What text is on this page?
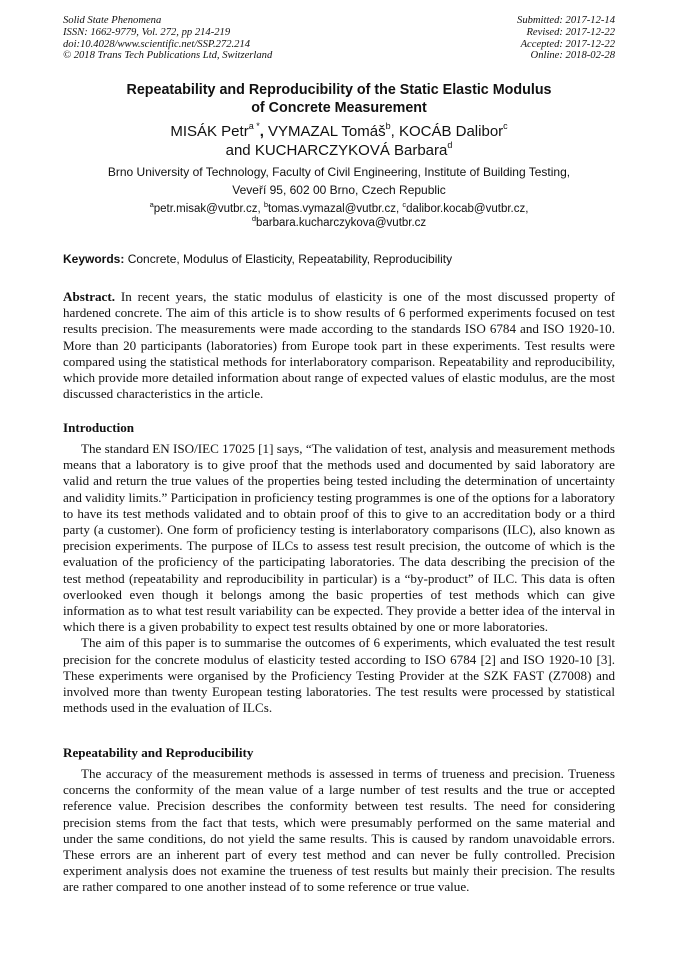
Solid State Phenomena
ISSN: 1662-9779, Vol. 272, pp 214-219
doi:10.4028/www.scientific.net/SSP.272.214
© 2018 Trans Tech Publications Ltd, Switzerland
Submitted: 2017-12-14
Revised: 2017-12-22
Accepted: 2017-12-22
Online: 2018-02-28
Repeatability and Reproducibility of the Static Elastic Modulus
of Concrete Measurement
MISÁK Petr$^{a *}$, VYMAZAL Tomáš$^b$, KOCÁB Dalibor$^c$
and KUCHARCZYKOVÁ Barbara$^d$
Brno University of Technology, Faculty of Civil Engineering, Institute of Building Testing,
Veveří 95, 602 00 Brno, Czech Republic
$^a$petr.misak@vutbr.cz, $^b$tomas.vymazal@vutbr.cz, $^c$dalibor.kocab@vutbr.cz,
$^d$barbara.kucharczykova@vutbr.cz
Keywords: Concrete, Modulus of Elasticity, Repeatability, Reproducibility

Abstract. In recent years, the static modulus of elasticity is one of the most discussed property of hardened concrete. The aim of this article is to show results of 6 performed experiments focused on test results precision. The measurements were made according to the standards ISO 6784 and ISO 1920-10. More than 20 participants (laboratories) from Europe took part in these experiments. Test results were compared using the statistical methods for interlaboratory comparison. Repeatability and reproducibility, which provide more detailed information about range of expected values of elastic modulus, are the most discussed characteristics in the article.

Introduction

The standard EN ISO/IEC 17025 [1] says, “The validation of test, analysis and measurement methods means that a laboratory is to give proof that the methods used and documented by said laboratory are valid and return the true values of the properties being tested including the determination of uncertainty and validity limits.” Participation in proficiency testing programmes is one of the options for a laboratory to have its test methods validated and to obtain proof of this to give to an accreditation body or a third party (a customer). One form of proficiency testing is interlaboratory comparisons (ILC), also known as precision experiments. The purpose of ILCs to assess test result precision, the outcome of which is the evaluation of the proficiency of the participating laboratories. The data describing the precision of the test method (repeatability and reproducibility in particular) is a “by-product” of ILC. This data is often overlooked even though it belongs among the basic properties of test methods which can give information as to what test result variability can be expected. They provide a better idea of the interval in which there is a given probability to expect test results obtained by one or more laboratories.

The aim of this paper is to summarise the outcomes of 6 experiments, which evaluated the test result precision for the concrete modulus of elasticity tested according to ISO 6784 [2] and ISO 1920-10 [3]. These experiments were organised by the Proficiency Testing Provider at the SZK FAST (Z7008) and involved more than twenty European testing laboratories. The test results were processed by statistical methods used in the evaluation of ILCs.

Repeatability and Reproducibility

The accuracy of the measurement methods is assessed in terms of trueness and precision. Trueness concerns the conformity of the mean value of a large number of test results and the true or accepted reference value. Precision describes the conformity between test results. The need for considering precision stems from the fact that tests, which were presumably performed on the same material and under the same conditions, do not yield the same results. This is caused by random unavoidable errors. These errors are an inherent part of every test method and can never be fully controlled. Precision experiment analysis does not examine the trueness of test results but mainly their precision. The results are rather compared to one another instead of to some reference or true value.
